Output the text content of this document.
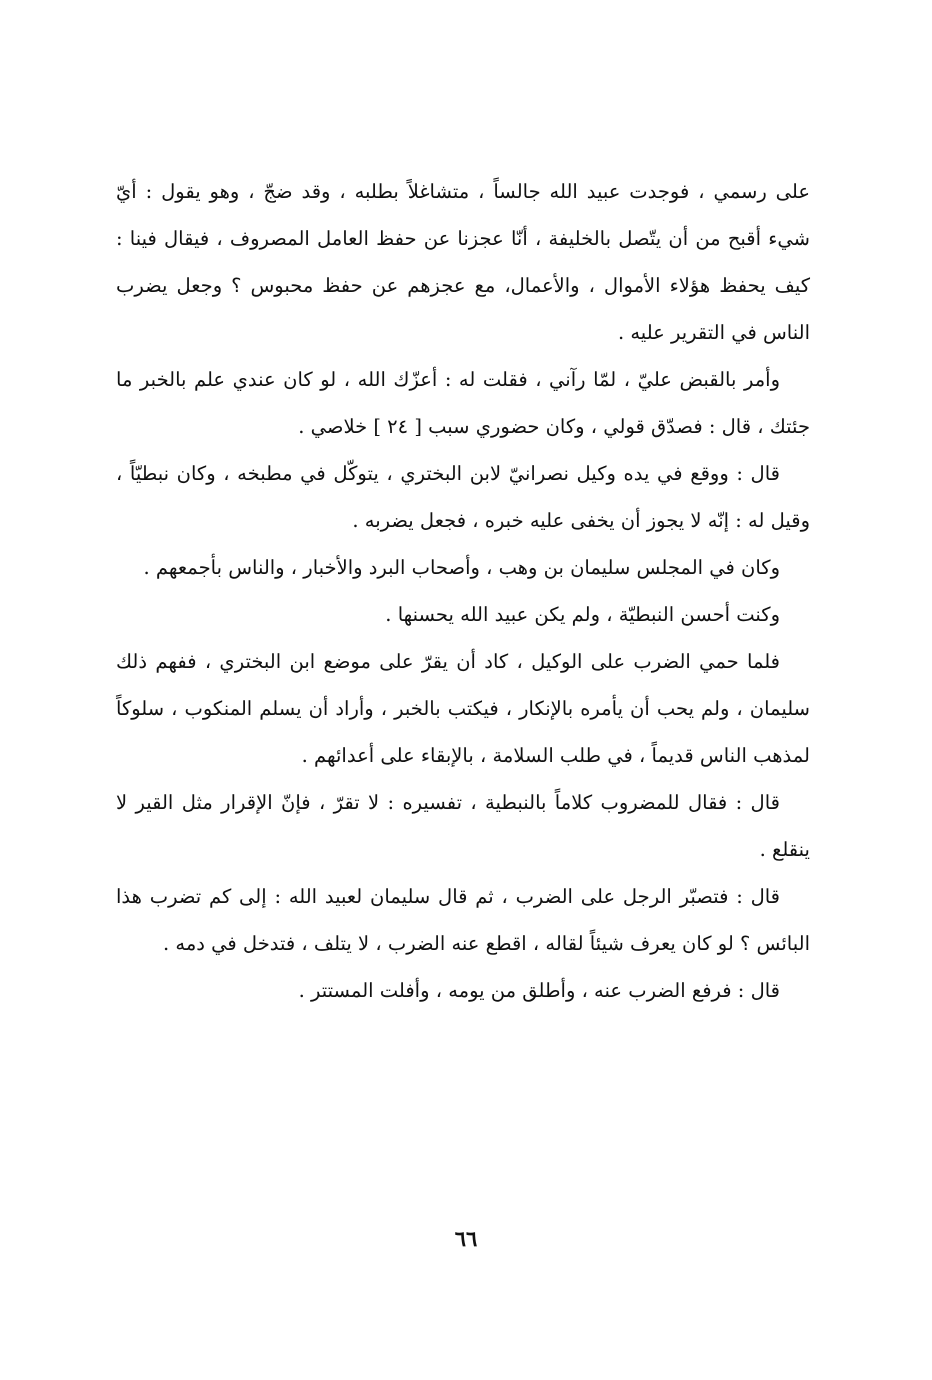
على رسمي ، فوجدت عبيد الله جالساً ، متشاغلاً بطلبه ، وقد ضجّ ، وهو يقول : أيّ شيء أقبح من أن يتّصل بالخليفة ، أنّا عجزنا عن حفظ العامل المصروف ، فيقال فينا : كيف يحفظ هؤلاء الأموال ، والأعمال، مع عجزهم عن حفظ محبوس ؟ وجعل يضرب الناس في التقرير عليه .

وأمر بالقبض عليّ ، لمّا رآني ، فقلت له : أعزّك الله ، لو كان عندي علم بالخبر ما جئتك ، قال : فصدّق قولي ، وكان حضوري سبب [ ٢٤ ] خلاصي .

قال : ووقع في يده وكيل نصرانيّ لابن البختري ، يتوكّل في مطبخه ، وكان نبطيّاً ، وقيل له : إنّه لا يجوز أن يخفى عليه خبره ، فجعل يضربه .

وكان في المجلس سليمان بن وهب ، وأصحاب البرد والأخبار ، والناس بأجمعهم .

وكنت أحسن النبطيّة ، ولم يكن عبيد الله يحسنها .

فلما حمي الضرب على الوكيل ، كاد أن يقرّ على موضع ابن البختري ، ففهم ذلك سليمان ، ولم يحب أن يأمره بالإنكار ، فيكتب بالخبر ، وأراد أن يسلم المنكوب ، سلوكاً لمذهب الناس قديماً ، في طلب السلامة ، بالإبقاء على أعدائهم .

قال : فقال للمضروب كلاماً بالنبطية ، تفسيره : لا تقرّ ، فإنّ الإقرار مثل القير لا ينقلع .

قال : فتصبّر الرجل على الضرب ، ثم قال سليمان لعبيد الله : إلى كم تضرب هذا البائس ؟ لو كان يعرف شيئاً لقاله ، اقطع عنه الضرب ، لا يتلف ، فتدخل في دمه .

قال : فرفع الضرب عنه ، وأطلق من يومه ، وأفلت المستتر .

٦٦
